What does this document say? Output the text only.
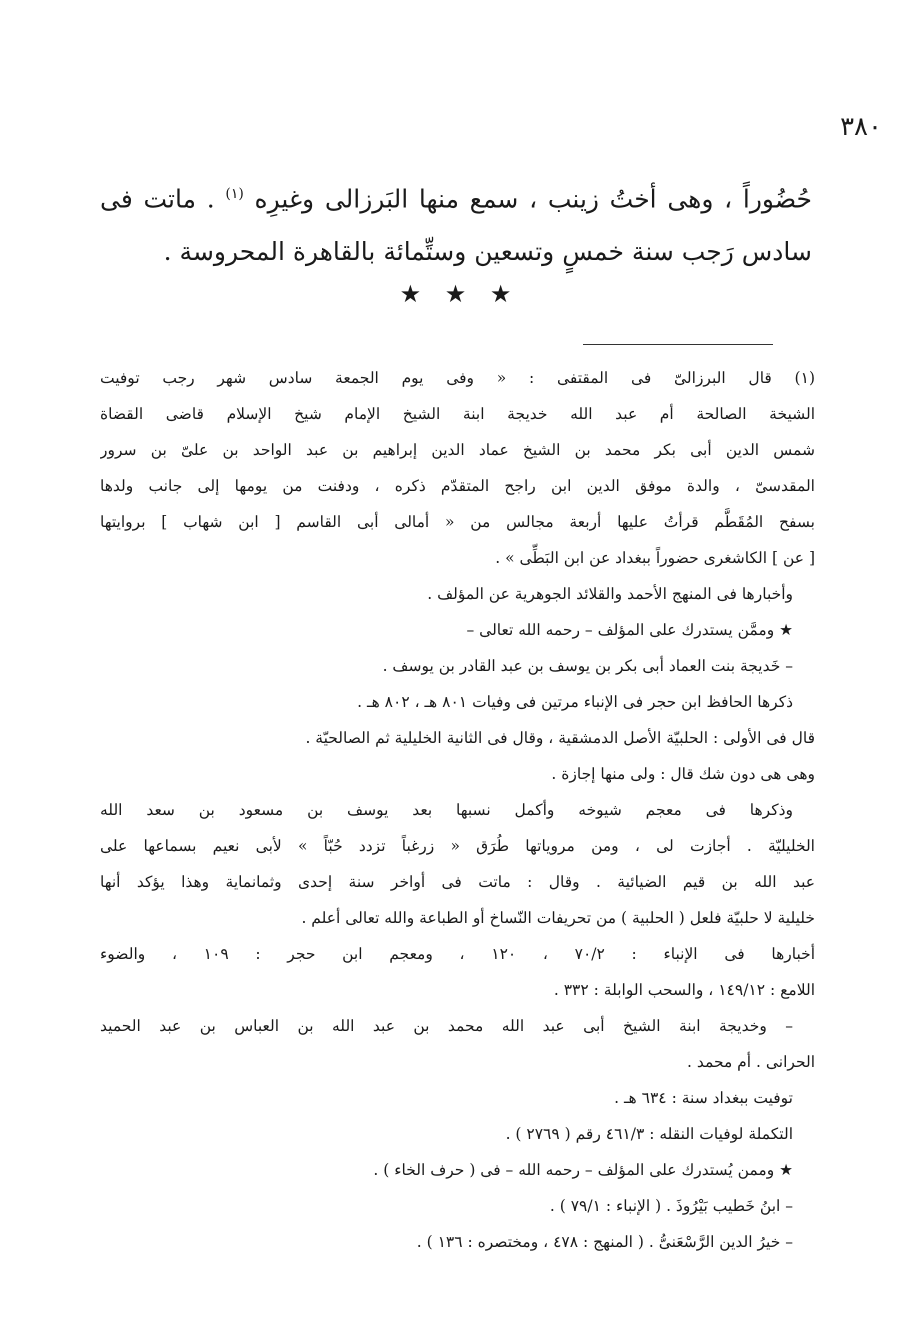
٣٨٠
حُضُوراً ، وهى أختُ زينب ، سمع منها البَرزالى وغيرِه $^{(١)}$ . ماتت فى
سادس رَجب سنة خمسٍ وتسعين وستِّمائة بالقاهرة المحروسة .
★ ★ ★
(١) قال البرزالىّ فى المقتفى : « وفى يوم الجمعة سادس شهر رجب توفيت
الشيخة الصالحة أم عبد الله خديجة ابنة الشيخ الإمام شيخ الإسلام قاضى القضاة
شمس الدين أبى بكر محمد بن الشيخ عماد الدين إبراهيم بن عبد الواحد بن علىّ بن سرور
المقدسىّ ، والدة موفق الدين ابن راجح المتقدّم ذكره ، ودفنت من يومها إلى جانب ولدها
بسفح المُقَطَّم قرأتُ عليها أربعة مجالس من « أمالى أبى القاسم [ ابن شهاب ] بروايتها
[ عن ] الكاشغرى حضوراً ببغداد عن ابن البَطِّى » .
وأخبارها فى المنهج الأحمد والقلائد الجوهرية عن المؤلف .
★ وممَّن يستدرك على المؤلف – رحمه الله تعالى –
– خَديجة بنت العماد أبى بكر بن يوسف بن عبد القادر بن يوسف .
ذكرها الحافظ ابن حجر فى الإنباء مرتين فى وفيات ٨٠١ هـ ، ٨٠٢ هـ .
قال فى الأولى : الحلبيّة الأصل الدمشقية ، وقال فى الثانية الخليلية ثم الصالحيّة .
وهى هى دون شك قال : ولى منها إجازة .
وذكرها فى معجم شيوخه وأكمل نسبها بعد يوسف بن مسعود بن سعد الله
الخليليّة . أجازت لى ، ومن مروياتها طُرَق « زرغباً تزدد حُبّاً » لأبى نعيم بسماعها على
عبد الله بن قيم الضيائية . وقال : ماتت فى أواخر سنة إحدى وثمانماية وهذا يؤكد أنها
خليلية لا حلبيّة فلعل ( الحلبية ) من تحريفات النّساخ أو الطباعة والله تعالى أعلم .
أخبارها فى الإنباء : ٧٠/٢ ، ١٢٠ ، ومعجم ابن حجر : ١٠٩ ، والضوء
اللامع : ١٤٩/١٢ ، والسحب الوابلة : ٣٣٢ .
– وخديجة ابنة الشيخ أبى عبد الله محمد بن عبد الله بن العباس بن عبد الحميد
الحرانى . أم محمد .
توفيت ببغداد سنة : ٦٣٤ هـ .
التكملة لوفيات النقله : ٤٦١/٣ رقم ( ٢٧٦٩ ) .
★ وممن يُستدرك على المؤلف – رحمه الله – فى ( حرف الخاء ) .
– ابنُ خَطيب بَيْرُوذَ . ( الإنباء : ٧٩/١ ) .
– خيرُ الدين الرَّسْعَنىُّ . ( المنهج : ٤٧٨ ، ومختصره : ١٣٦ ) .
